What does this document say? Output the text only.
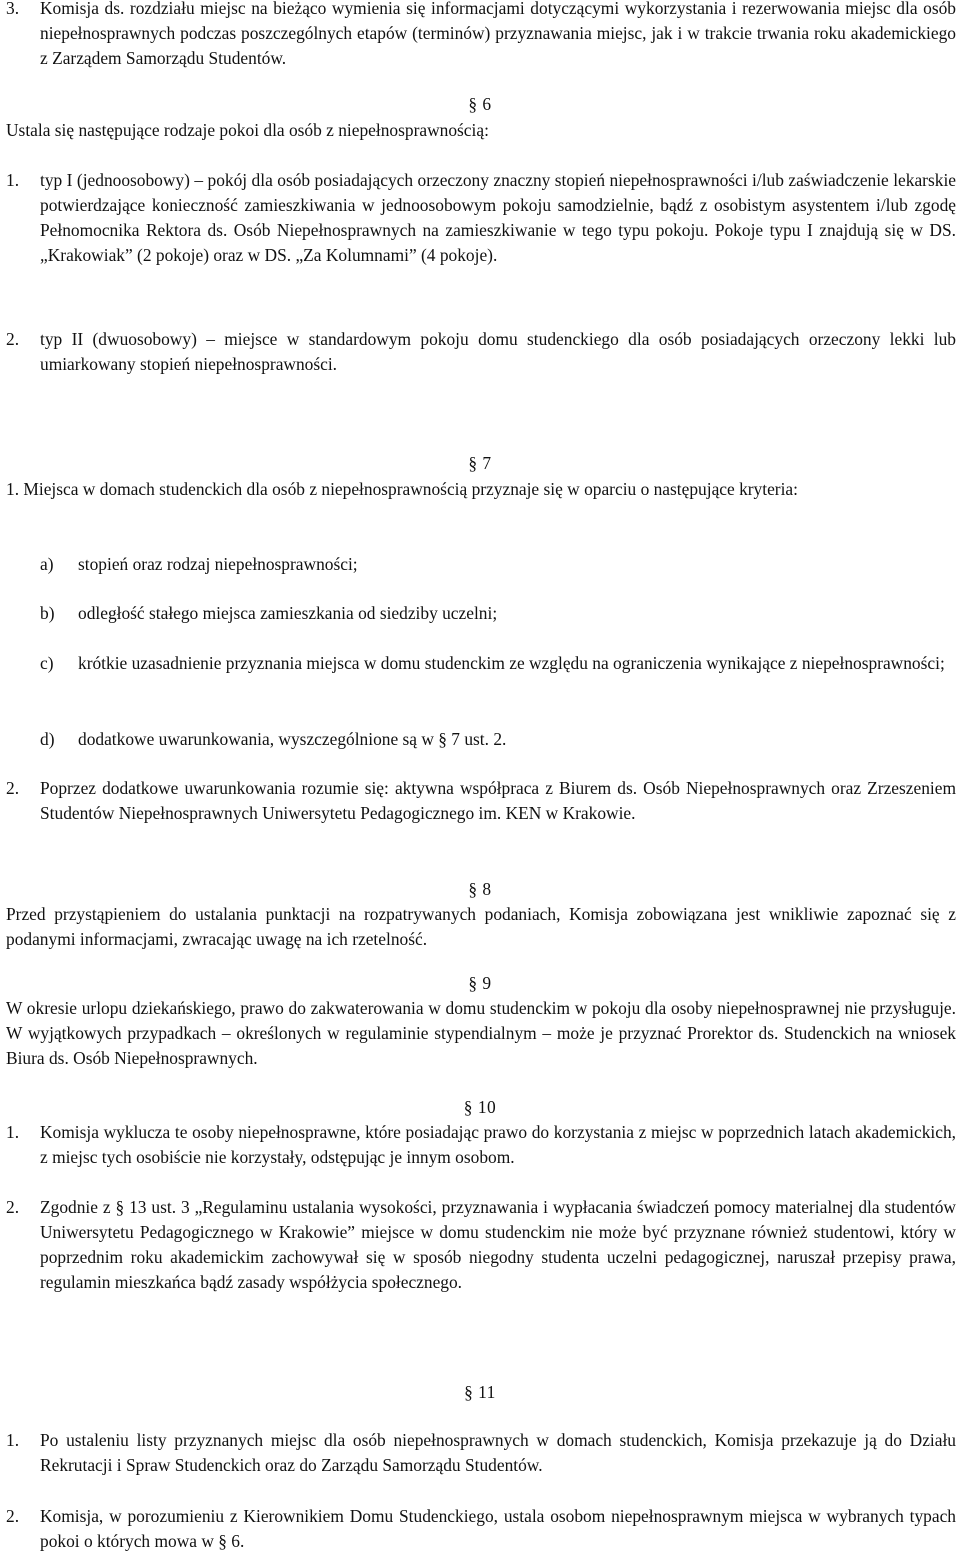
3. Komisja ds. rozdziału miejsc na bieżąco wymienia się informacjami dotyczącymi wykorzystania i rezerwowania miejsc dla osób niepełnosprawnych podczas poszczególnych etapów (terminów) przyznawania miejsc, jak i w trakcie trwania roku akademickiego z Zarządem Samorządu Studentów.
§ 6
Ustala się następujące rodzaje pokoi dla osób z niepełnosprawnością:
1. typ I (jednoosobowy) – pokój dla osób posiadających orzeczony znaczny stopień niepełnosprawności i/lub zaświadczenie lekarskie potwierdzające konieczność zamieszkiwania w jednoosobowym pokoju samodzielnie, bądź z osobistym asystentem i/lub zgodę Pełnomocnika Rektora ds. Osób Niepełnosprawnych na zamieszkiwanie w tego typu pokoju. Pokoje typu I znajdują się w DS. „Krakowiak” (2 pokoje) oraz w DS. „Za Kolumnami” (4 pokoje).
2. typ II (dwuosobowy) – miejsce w standardowym pokoju domu studenckiego dla osób posiadających orzeczony lekki lub umiarkowany stopień niepełnosprawności.
§ 7
1. Miejsca w domach studenckich dla osób z niepełnosprawnością przyznaje się w oparciu o następujące kryteria:
a) stopień oraz rodzaj niepełnosprawności;
b) odległość stałego miejsca zamieszkania od siedziby uczelni;
c) krótkie uzasadnienie przyznania miejsca w domu studenckim ze względu na ograniczenia wynikające z niepełnosprawności;
d) dodatkowe uwarunkowania, wyszczególnione są w § 7 ust. 2.
2. Poprzez dodatkowe uwarunkowania rozumie się: aktywna współpraca z Biurem ds. Osób Niepełnosprawnych oraz Zrzeszeniem Studentów Niepełnosprawnych Uniwersytetu Pedagogicznego im. KEN w Krakowie.
§ 8
Przed przystąpieniem do ustalania punktacji na rozpatrywanych podaniach, Komisja zobowiązana jest wnikliwie zapoznać się z podanymi informacjami, zwracając uwagę na ich rzetelność.
§ 9
W okresie urlopu dziekańskiego, prawo do zakwaterowania w domu studenckim w pokoju dla osoby niepełnosprawnej nie przysługuje. W wyjątkowych przypadkach – określonych w regulaminie stypendialnym – może je przyznać Prorektor ds. Studenckich na wniosek Biura ds. Osób Niepełnosprawnych.
§ 10
1. Komisja wyklucza te osoby niepełnosprawne, które posiadając prawo do korzystania z miejsc w poprzednich latach akademickich, z miejsc tych osobiście nie korzystały, odstępując je innym osobom.
2. Zgodnie z § 13 ust. 3 „Regulaminu ustalania wysokości, przyznawania i wypłacania świadczeń pomocy materialnej dla studentów Uniwersytetu Pedagogicznego w Krakowie” miejsce w domu studenckim nie może być przyznane również studentowi, który w poprzednim roku akademickim zachowywał się w sposób niegodny studenta uczelni pedagogicznej, naruszał przepisy prawa, regulamin mieszkańca bądź zasady współżycia społecznego.
§ 11
1. Po ustaleniu listy przyznanych miejsc dla osób niepełnosprawnych w domach studenckich, Komisja przekazuje ją do Działu Rekrutacji i Spraw Studenckich oraz do Zarządu Samorządu Studentów.
2. Komisja, w porozumieniu z Kierownikiem Domu Studenckiego, ustala osobom niepełnosprawnym miejsca w wybranych typach pokoi o których mowa w § 6.
